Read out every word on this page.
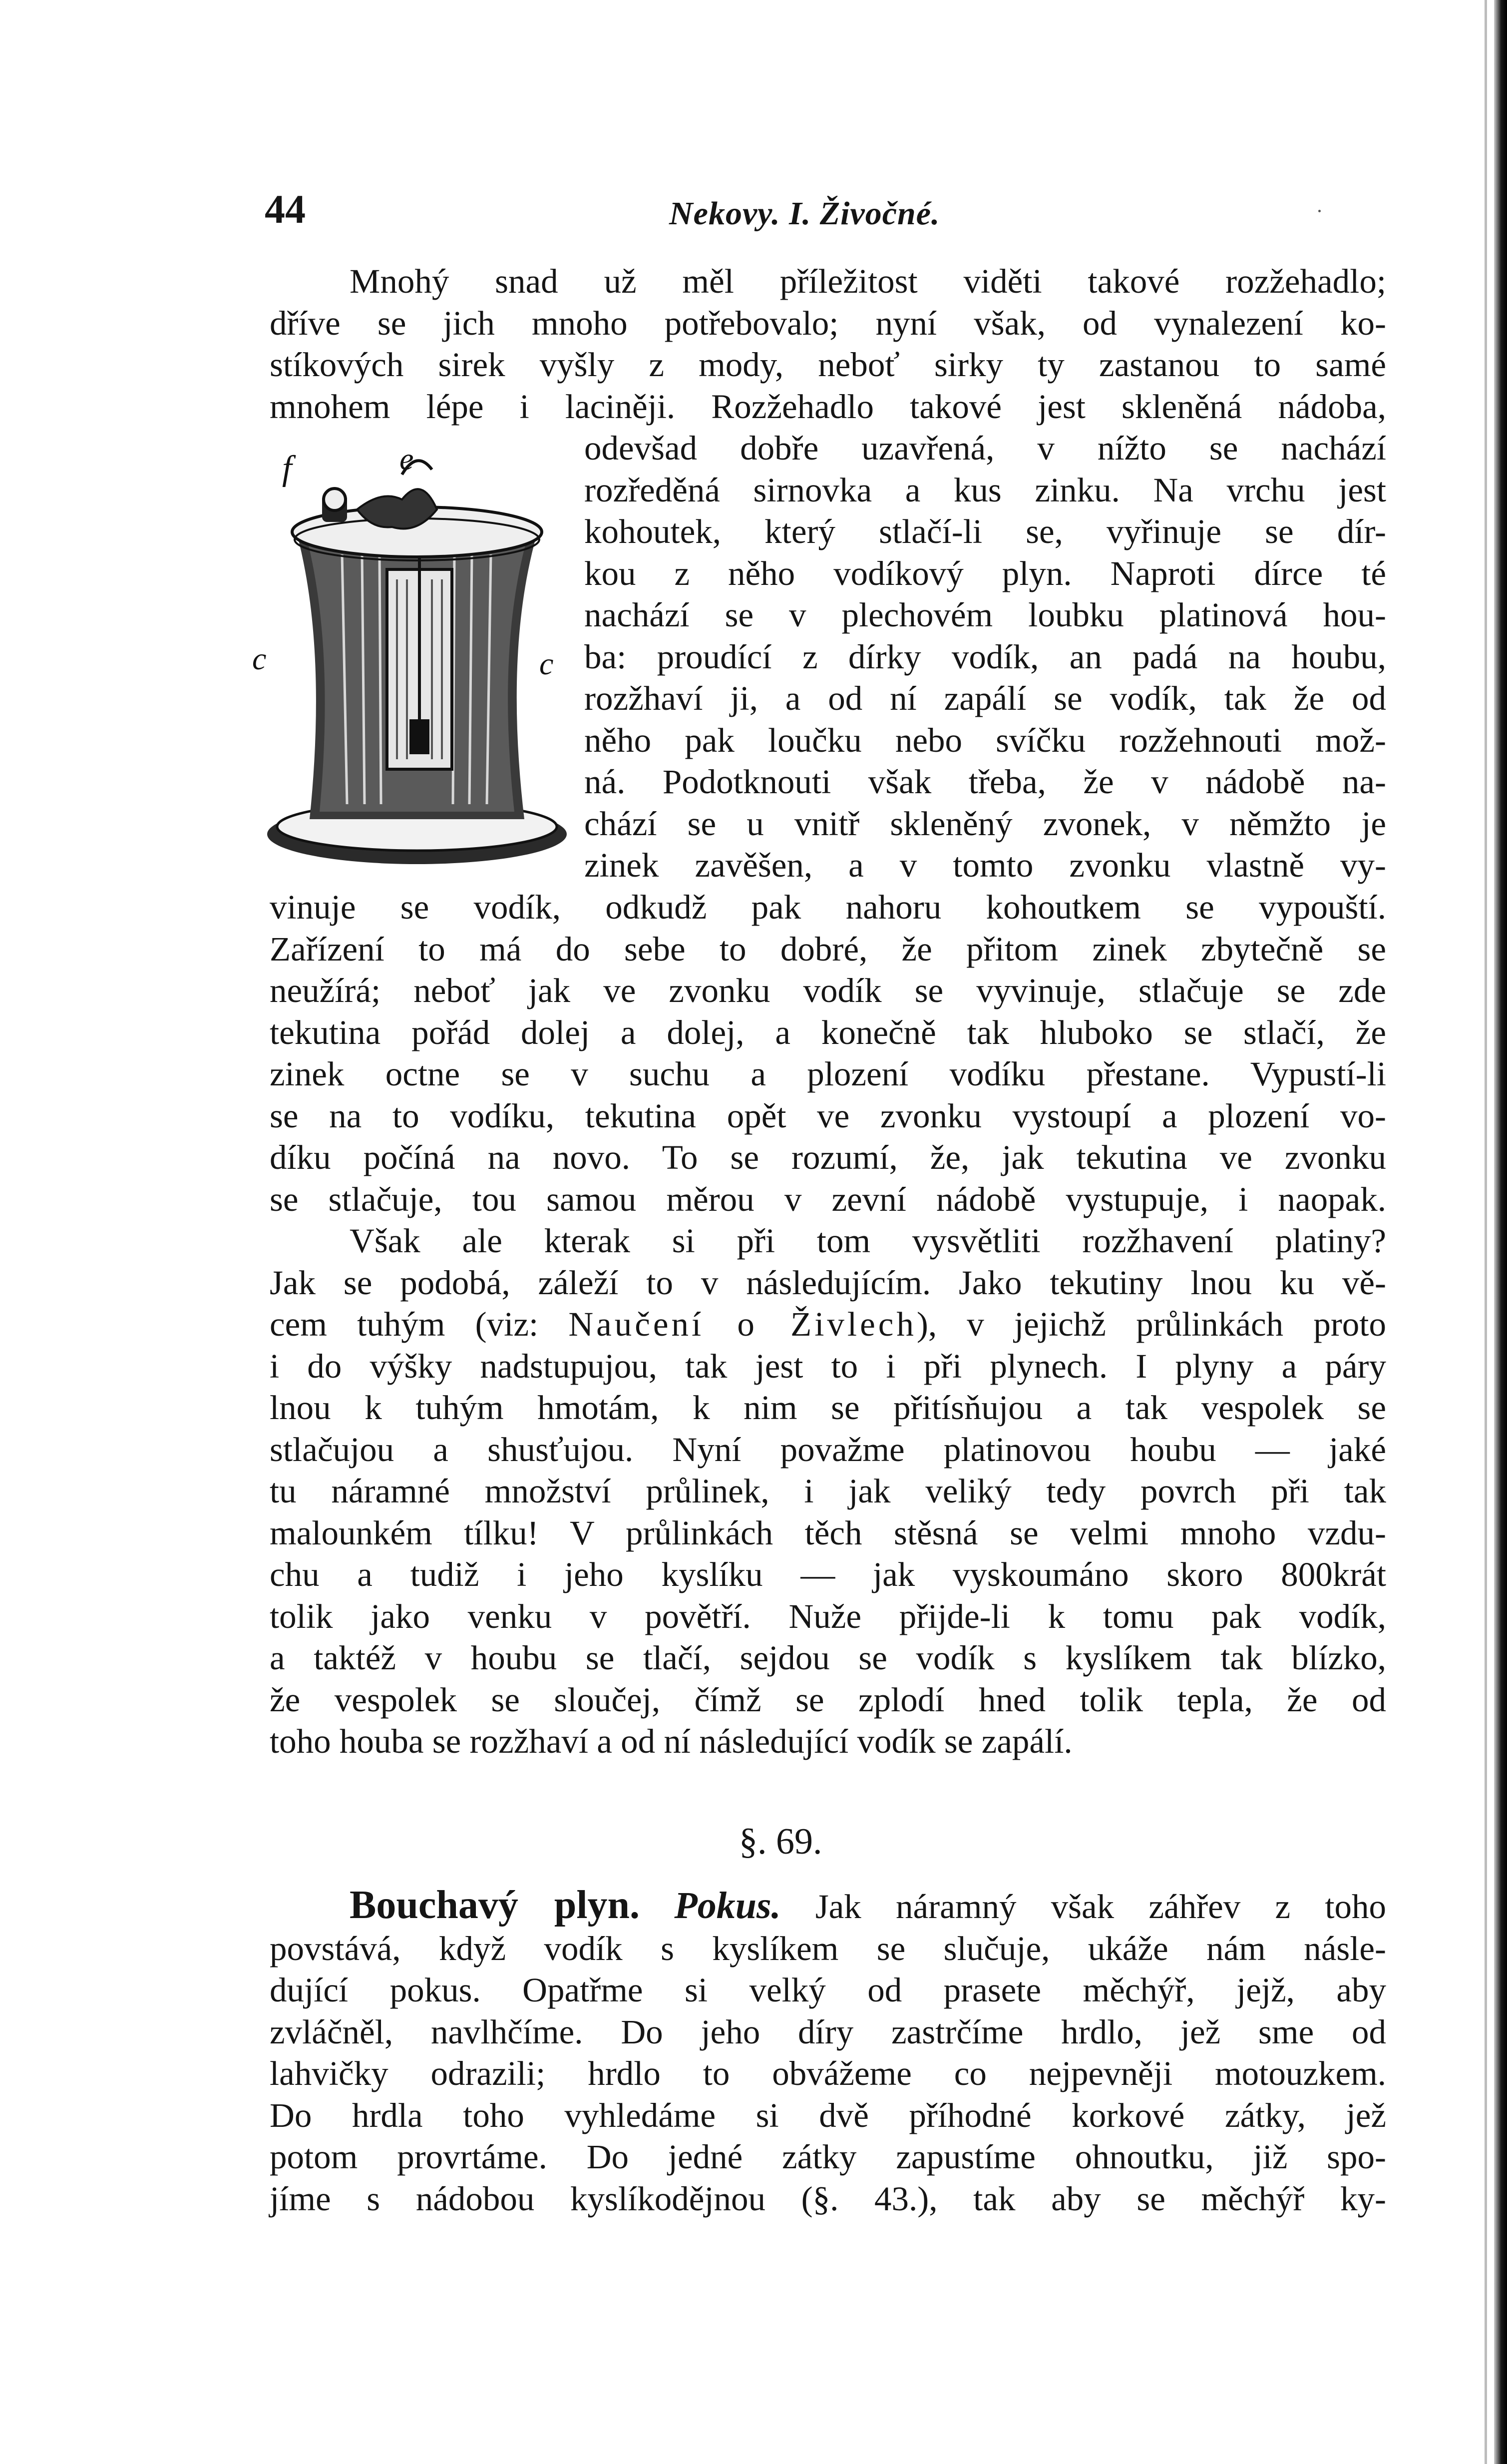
44	Nekovy. I. Živočné.
Mnohý snad už měl příležitost viděti takové rozžehadlo;
dříve se jich mnoho potřebovalo; nyní však, od vynalezení ko-
stíkových sirek vyšly z mody, neboť sirky ty zastanou to samé
mnohem lépe i laciněji. Rozžehadlo takové jest skleněná nádoba,
f	e
c	c
odevšad dobře uzavřená, v nížto se nachází
rozředěná sirnovka a kus zinku. Na vrchu jest
kohoutek, který stlačí-li se, vyřinuje se dír-
kou z něho vodíkový plyn. Naproti dírce té
nachází se v plechovém loubku platinová hou-
ba: proudící z dírky vodík, an padá na houbu,
rozžhaví ji, a od ní zapálí se vodík, tak že od
něho pak loučku nebo svíčku rozžehnouti mož-
ná. Podotknouti však třeba, že v nádobě na-
chází se u vnitř skleněný zvonek, v němžto je
zinek zavěšen, a v tomto zvonku vlastně vy-
vinuje se vodík, odkudž pak nahoru kohoutkem se vypouští.
Zařízení to má do sebe to dobré, že přitom zinek zbytečně se
neužírá; neboť jak ve zvonku vodík se vyvinuje, stlačuje se zde
tekutina pořád dolej a dolej, a konečně tak hluboko se stlačí, že
zinek octne se v suchu a plození vodíku přestane. Vypustí-li
se na to vodíku, tekutina opět ve zvonku vystoupí a plození vo-
díku počíná na novo. To se rozumí, že, jak tekutina ve zvonku
se stlačuje, tou samou měrou v zevní nádobě vystupuje, i naopak.
Však ale kterak si při tom vysvětliti rozžhavení platiny?
Jak se podobá, záleží to v následujícím. Jako tekutiny lnou ku vě-
cem tuhým (viz: Naučení o Živlech), v jejichž průlinkách proto
i do výšky nadstupujou, tak jest to i při plynech. I plyny a páry
lnou k tuhým hmotám, k nim se přitísňujou a tak vespolek se
stlačujou a shusťujou. Nyní považme platinovou houbu — jaké
tu náramné množství průlinek, i jak veliký tedy povrch při tak
malounkém tílku! V průlinkách těch stěsná se velmi mnoho vzdu-
chu a tudiž i jeho kyslíku — jak vyskoumáno skoro 800krát
tolik jako venku v povětří. Nuže přijde-li k tomu pak vodík,
a taktéž v houbu se tlačí, sejdou se vodík s kyslíkem tak blízko,
že vespolek se sloučej, čímž se zplodí hned tolik tepla, že od
toho houba se rozžhaví a od ní následující vodík se zapálí.
§. 69.
Bouchavý plyn. Pokus. Jak náramný však záhřev z toho
povstává, když vodík s kyslíkem se slučuje, ukáže nám násle-
dující pokus. Opatřme si velký od prasete měchýř, jejž, aby
zvláčněl, navlhčíme. Do jeho díry zastrčíme hrdlo, jež sme od
lahvičky odrazili; hrdlo to obvážeme co nejpevněji motouzkem.
Do hrdla toho vyhledáme si dvě příhodné korkové zátky, jež
potom provrtáme. Do jedné zátky zapustíme ohnoutku, již spo-
jíme s nádobou kyslíkodějnou (§. 43.), tak aby se měchýř ky-
